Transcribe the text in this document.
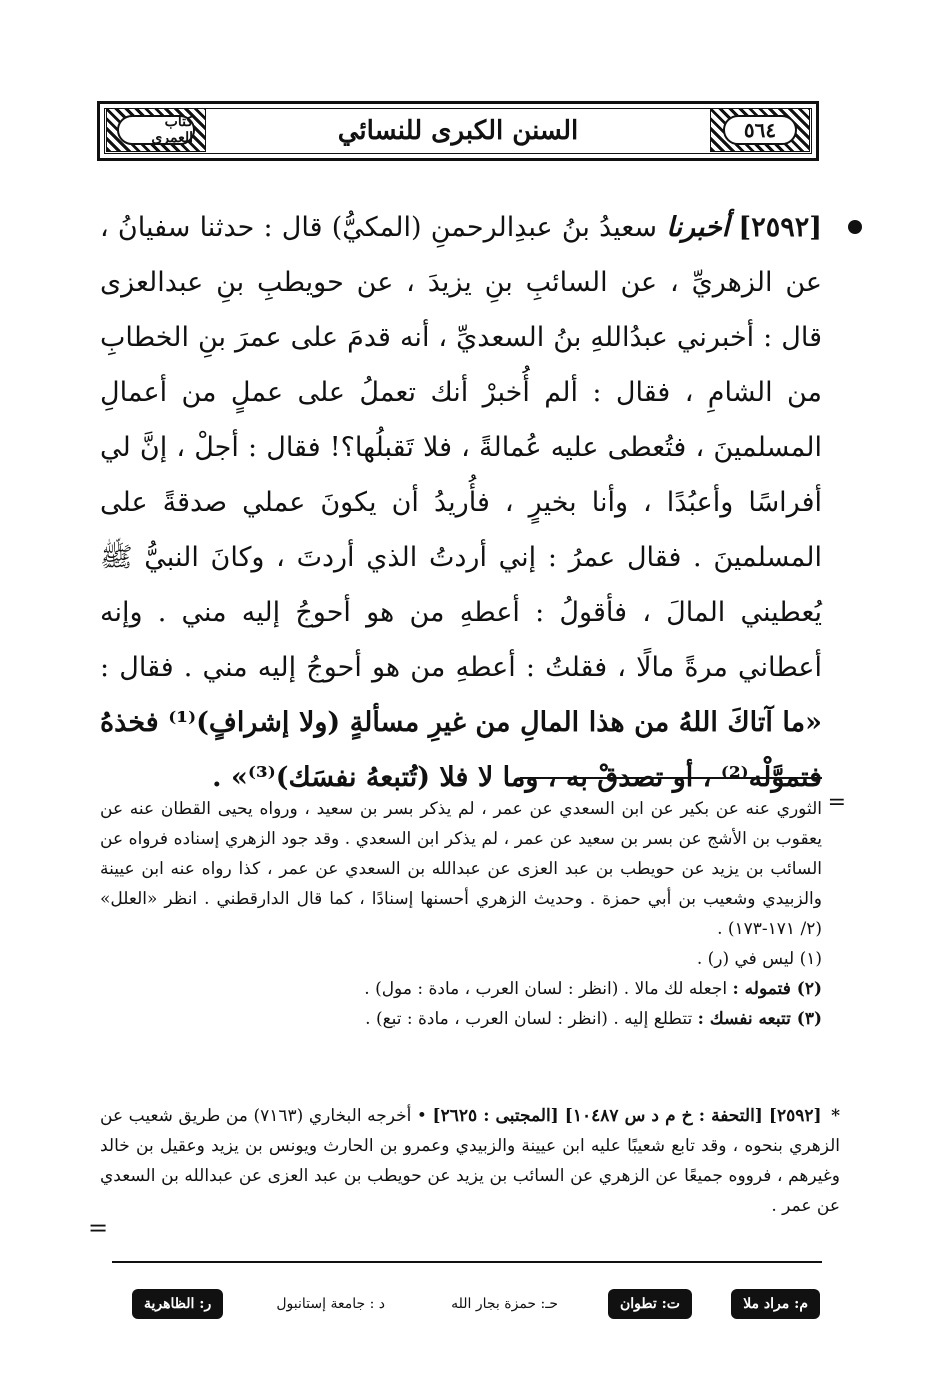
٥٦٤
السنن الكبرى للنسائي
كتاب العمرى
[٢٥٩٢] أخبرنا سعيدُ بنُ عبدِالرحمنِ (المكيُّ) قال : حدثنا سفيانُ ، عن الزهريِّ ، عن السائبِ بنِ يزيدَ ، عن حويطبِ بنِ عبدالعزى قال : أخبرني عبدُاللهِ بنُ السعديِّ ، أنه قدمَ على عمرَ بنِ الخطابِ من الشامِ ، فقال : ألم أُخبرْ أنك تعملُ على عملٍ من أعمالِ المسلمينَ ، فتُعطى عليه عُمالةً ، فلا تَقبلُها؟! فقال : أجلْ ، إنَّ لي أفراسًا وأعبُدًا ، وأنا بخيرٍ ، فأُريدُ أن يكونَ عملي صدقةً على المسلمينَ . فقال عمرُ : إني أردتُ الذي أردتَ ، وكانَ النبيُّ ﷺ يُعطيني المالَ ، فأقولُ : أعطهِ من هو أحوجُ إليه مني . وإنه أعطاني مرةً مالًا ، فقلتُ : أعطهِ من هو أحوجُ إليه مني . فقال : «ما آتاكَ اللهُ من هذا المالِ من غيرِ مسألةٍ (ولا إشرافٍ)⁽¹⁾ فخذهُ فتموَّلْه⁽²⁾ ، أو تصدقْ به ، وما لا فلا (تُتبعهُ نفسَك)⁽³⁾» .
=

الثوري عنه عن بكير عن ابن السعدي عن عمر ، لم يذكر بسر بن سعيد ، ورواه يحيى القطان عنه عن يعقوب بن الأشج عن بسر بن سعيد عن عمر ، لم يذكر ابن السعدي . وقد جود الزهري إسناده فرواه عن السائب بن يزيد عن حويطب بن عبد العزى عن عبدالله بن السعدي عن عمر ، كذا رواه عنه ابن عيينة والزبيدي وشعيب بن أبي حمزة . وحديث الزهري أحسنها إسنادًا ، كما قال الدارقطني . انظر «العلل» (٢/ ١٧١-١٧٣) .

(١) ليس في (ر) .

(٢) فتموله : اجعله لك مالا . (انظر : لسان العرب ، مادة : مول) .

(٣) تتبعه نفسك : تتطلع إليه . (انظر : لسان العرب ، مادة : تبع) .

* [٢٥٩٢] [التحفة : خ م د س ١٠٤٨٧] [المجتبى : ٢٦٢٥] • أخرجه البخاري (٧١٦٣) من طريق شعيب عن الزهري بنحوه ، وقد تابع شعيبًا عليه ابن عيينة والزبيدي وعمرو بن الحارث ويونس بن يزيد وعقيل بن خالد وغيرهم ، فرووه جميعًا عن الزهري عن السائب بن يزيد عن حويطب بن عبد العزى عن عبدالله بن السعدي عن عمر .
=
م: مراد ملا
ت: تطوان
حـ: حمزة بجار الله
د : جامعة إستانبول
ر: الظاهرية
